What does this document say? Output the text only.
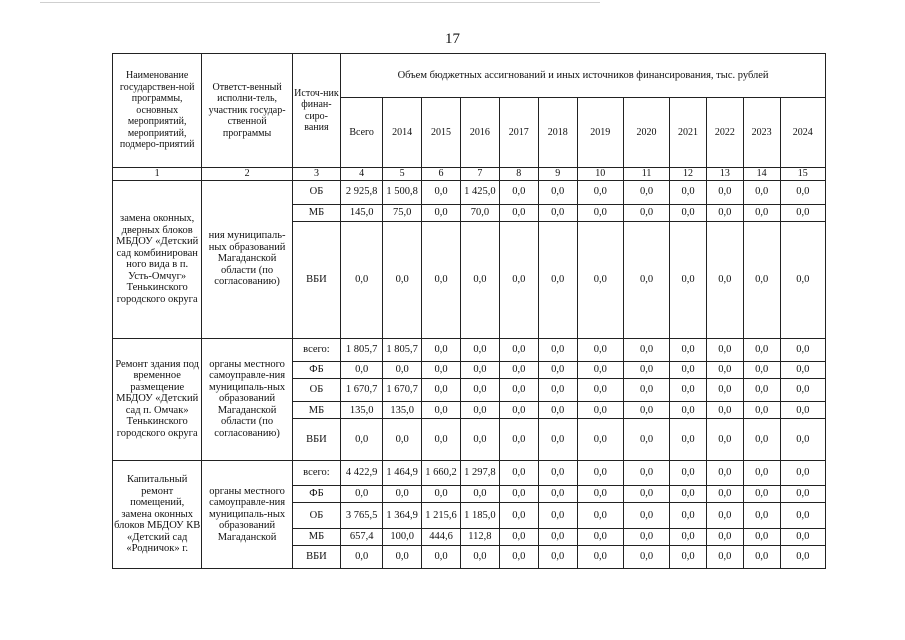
17
Наименование государствен-ной программы, основных мероприятий, мероприятий, подмеро-приятий	Ответст-венный исполни-тель, участник государ-ственной программы	Источ-ник финан-сиро-вания	Объем бюджетных ассигнований и иных источников финансирования, тыс. рублей											
			Всего	2014	2015	2016	2017	2018	2019	2020	2021	2022	2023	2024
1	2	3	4	5	6	7	8	9	10	11	12	13	14	15
замена оконных, дверных блоков МБДОУ «Детский сад комбинирован ного вида в п. Усть-Омчуг» Тенькинского городского округа	ния муниципаль-ных образований Магаданской области (по согласованию)	ОБ	2 925,8	1 500,8	0,0	1 425,0	0,0	0,0	0,0	0,0	0,0	0,0	0,0	0,0
		МБ	145,0	75,0	0,0	70,0	0,0	0,0	0,0	0,0	0,0	0,0	0,0	0,0
		ВБИ	0,0	0,0	0,0	0,0	0,0	0,0	0,0	0,0	0,0	0,0	0,0	0,0
Ремонт здания под временное размещение МБДОУ «Детский сад п. Омчак» Тенькинского городского округа	органы местного самоуправле-ния муниципаль-ных образований Магаданской области (по согласованию)	всего:	1 805,7	1 805,7	0,0	0,0	0,0	0,0	0,0	0,0	0,0	0,0	0,0	0,0
		ФБ	0,0	0,0	0,0	0,0	0,0	0,0	0,0	0,0	0,0	0,0	0,0	0,0
		ОБ	1 670,7	1 670,7	0,0	0,0	0,0	0,0	0,0	0,0	0,0	0,0	0,0	0,0
		МБ	135,0	135,0	0,0	0,0	0,0	0,0	0,0	0,0	0,0	0,0	0,0	0,0
		ВБИ	0,0	0,0	0,0	0,0	0,0	0,0	0,0	0,0	0,0	0,0	0,0	0,0
Капитальный ремонт помещений, замена оконных блоков МБДОУ КВ «Детский сад «Родничок» г.	органы местного самоуправле-ния муниципаль-ных образований Магаданской	всего:	4 422,9	1 464,9	1 660,2	1 297,8	0,0	0,0	0,0	0,0	0,0	0,0	0,0	0,0
		ФБ	0,0	0,0	0,0	0,0	0,0	0,0	0,0	0,0	0,0	0,0	0,0	0,0
		ОБ	3 765,5	1 364,9	1 215,6	1 185,0	0,0	0,0	0,0	0,0	0,0	0,0	0,0	0,0
		МБ	657,4	100,0	444,6	112,8	0,0	0,0	0,0	0,0	0,0	0,0	0,0	0,0
		ВБИ	0,0	0,0	0,0	0,0	0,0	0,0	0,0	0,0	0,0	0,0	0,0	0,0
